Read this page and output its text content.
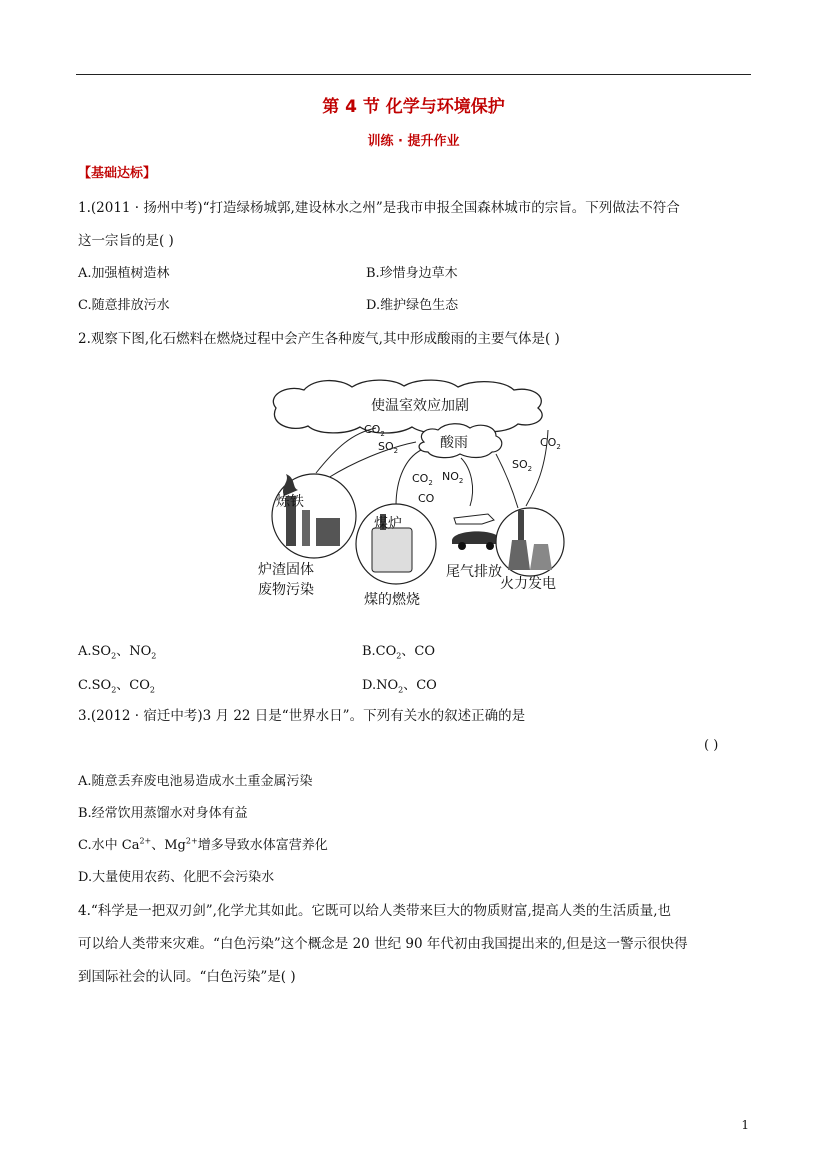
第 4 节 化学与环境保护
训练 · 提升作业
【基础达标】
1.(2011 · 扬州中考)“打造绿杨城郭,建设林水之州”是我市申报全国森林城市的宗旨。下列做法不符合
这一宗旨的是( )
A.加强植树造林	B.珍惜身边草木
C.随意排放污水	D.维护绿色生态
2.观察下图,化石燃料在燃烧过程中会产生各种废气,其中形成酸雨的主要气体是( )
使温室效应加剧
酸雨
$CO_2$
$SO_2$
$CO_2$
$SO_2$
$CO_2$ $NO_2$
CO
炼铁
煤炉
炉渣固体
废物污染
煤的燃烧
尾气排放
火力发电
$A.SO_2$、$NO_2$	$B.CO_2$、CO
$C.SO_2$、$CO_2$	$D.NO_2$、CO
3.(2012 · 宿迁中考)3 月 22 日是“世界水日”。下列有关水的叙述正确的是
( )
A.随意丢弃废电池易造成水土重金属污染
B.经常饮用蒸馏水对身体有益
C.水中 $Ca^{2+}$、$Mg^{2+}$增多导致水体富营养化
D.大量使用农药、化肥不会污染水
4.“科学是一把双刃剑”,化学尤其如此。它既可以给人类带来巨大的物质财富,提高人类的生活质量,也
可以给人类带来灾难。“白色污染”这个概念是 20 世纪 90 年代初由我国提出来的,但是这一警示很快得
到国际社会的认同。“白色污染”是( )
1
